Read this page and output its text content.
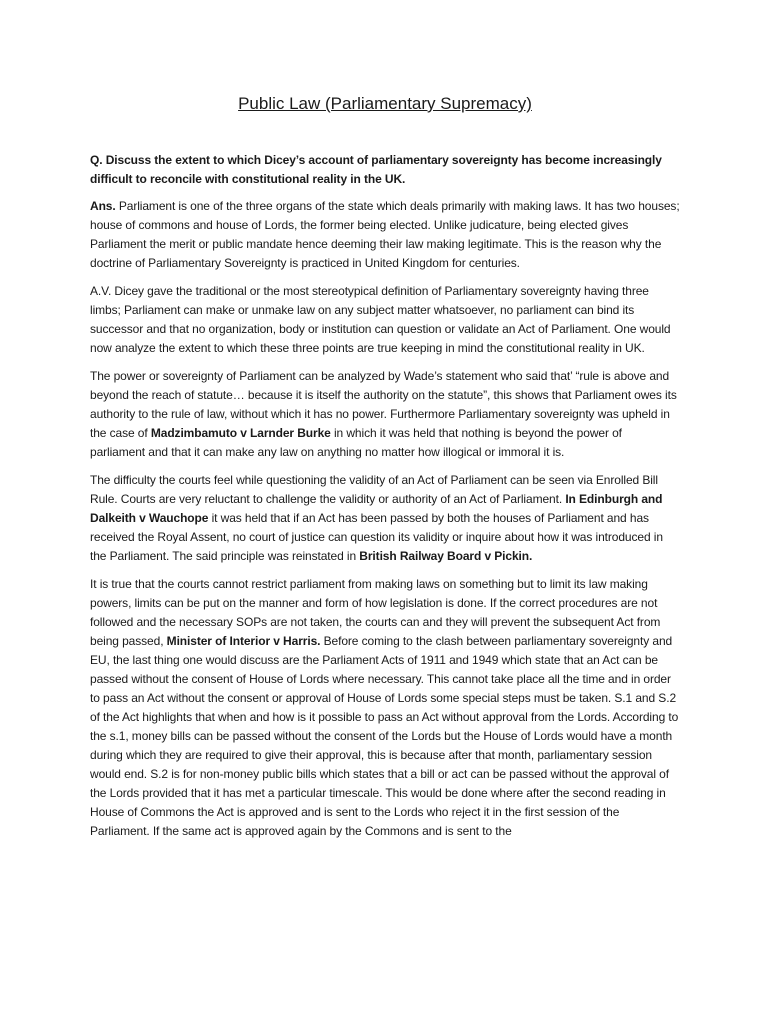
Public Law (Parliamentary Supremacy)

Q. Discuss the extent to which Dicey’s account of parliamentary sovereignty has become increasingly difficult to reconcile with constitutional reality in the UK.

Ans. Parliament is one of the three organs of the state which deals primarily with making laws. It has two houses; house of commons and house of Lords, the former being elected. Unlike judicature, being elected gives Parliament the merit or public mandate hence deeming their law making legitimate. This is the reason why the doctrine of Parliamentary Sovereignty is practiced in United Kingdom for centuries.

A.V. Dicey gave the traditional or the most stereotypical definition of Parliamentary sovereignty having three limbs; Parliament can make or unmake law on any subject matter whatsoever, no parliament can bind its successor and that no organization, body or institution can question or validate an Act of Parliament. One would now analyze the extent to which these three points are true keeping in mind the constitutional reality in UK.

The power or sovereignty of Parliament can be analyzed by Wade’s statement who said that’ “rule is above and beyond the reach of statute… because it is itself the authority on the statute”, this shows that Parliament owes its authority to the rule of law, without which it has no power. Furthermore Parliamentary sovereignty was upheld in the case of Madzimbamuto v Larnder Burke in which it was held that nothing is beyond the power of parliament and that it can make any law on anything no matter how illogical or immoral it is.

The difficulty the courts feel while questioning the validity of an Act of Parliament can be seen via Enrolled Bill Rule. Courts are very reluctant to challenge the validity or authority of an Act of Parliament. In Edinburgh and Dalkeith v Wauchope it was held that if an Act has been passed by both the houses of Parliament and has received the Royal Assent, no court of justice can question its validity or inquire about how it was introduced in the Parliament. The said principle was reinstated in British Railway Board v Pickin.

It is true that the courts cannot restrict parliament from making laws on something but to limit its law making powers, limits can be put on the manner and form of how legislation is done. If the correct procedures are not followed and the necessary SOPs are not taken, the courts can and they will prevent the subsequent Act from being passed, Minister of Interior v Harris. Before coming to the clash between parliamentary sovereignty and EU, the last thing one would discuss are the Parliament Acts of 1911 and 1949 which state that an Act can be passed without the consent of House of Lords where necessary. This cannot take place all the time and in order to pass an Act without the consent or approval of House of Lords some special steps must be taken. S.1 and S.2 of the Act highlights that when and how is it possible to pass an Act without approval from the Lords. According to the s.1, money bills can be passed without the consent of the Lords but the House of Lords would have a month during which they are required to give their approval, this is because after that month, parliamentary session would end. S.2 is for non-money public bills which states that a bill or act can be passed without the approval of the Lords provided that it has met a particular timescale. This would be done where after the second reading in House of Commons the Act is approved and is sent to the Lords who reject it in the first session of the Parliament. If the same act is approved again by the Commons and is sent to the
